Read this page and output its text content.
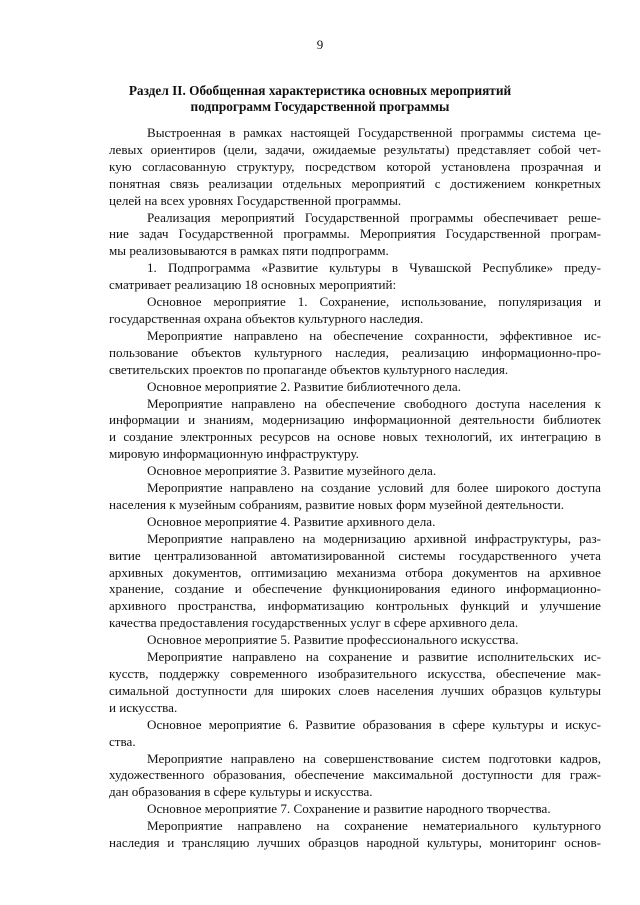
9
Раздел II. Обобщенная характеристика основных мероприятий
подпрограмм Государственной программы
Выстроенная в рамках настоящей Государственной программы система це-
левых ориентиров (цели, задачи, ожидаемые результаты) представляет собой чет-
кую согласованную структуру, посредством которой установлена прозрачная и
понятная связь реализации отдельных мероприятий с достижением конкретных
целей на всех уровнях Государственной программы.
Реализация мероприятий Государственной программы обеспечивает реше-
ние задач Государственной программы. Мероприятия Государственной програм-
мы реализовываются в рамках пяти подпрограмм.
1. Подпрограмма «Развитие культуры в Чувашской Республике» преду-
сматривает реализацию 18 основных мероприятий:
Основное мероприятие 1. Сохранение, использование, популяризация и
государственная охрана объектов культурного наследия.
Мероприятие направлено на обеспечение сохранности, эффективное ис-
пользование объектов культурного наследия, реализацию информационно-про-
светительских проектов по пропаганде объектов культурного наследия.
Основное мероприятие 2. Развитие библиотечного дела.
Мероприятие направлено на обеспечение свободного доступа населения к
информации и знаниям, модернизацию информационной деятельности библиотек
и создание электронных ресурсов на основе новых технологий, их интеграцию в
мировую информационную инфраструктуру.
Основное мероприятие 3. Развитие музейного дела.
Мероприятие направлено на создание условий для более широкого доступа
населения к музейным собраниям, развитие новых форм музейной деятельности.
Основное мероприятие 4. Развитие архивного дела.
Мероприятие направлено на модернизацию архивной инфраструктуры, раз-
витие централизованной автоматизированной системы государственного учета
архивных документов, оптимизацию механизма отбора документов на архивное
хранение, создание и обеспечение функционирования единого информационно-
архивного пространства, информатизацию контрольных функций и улучшение
качества предоставления государственных услуг в сфере архивного дела.
Основное мероприятие 5. Развитие профессионального искусства.
Мероприятие направлено на сохранение и развитие исполнительских ис-
кусств, поддержку современного изобразительного искусства, обеспечение мак-
симальной доступности для широких слоев населения лучших образцов культуры
и искусства.
Основное мероприятие 6. Развитие образования в сфере культуры и искус-
ства.
Мероприятие направлено на совершенствование систем подготовки кадров,
художественного образования, обеспечение максимальной доступности для граж-
дан образования в сфере культуры и искусства.
Основное мероприятие 7. Сохранение и развитие народного творчества.
Мероприятие направлено на сохранение нематериального культурного
наследия и трансляцию лучших образцов народной культуры, мониторинг основ-
